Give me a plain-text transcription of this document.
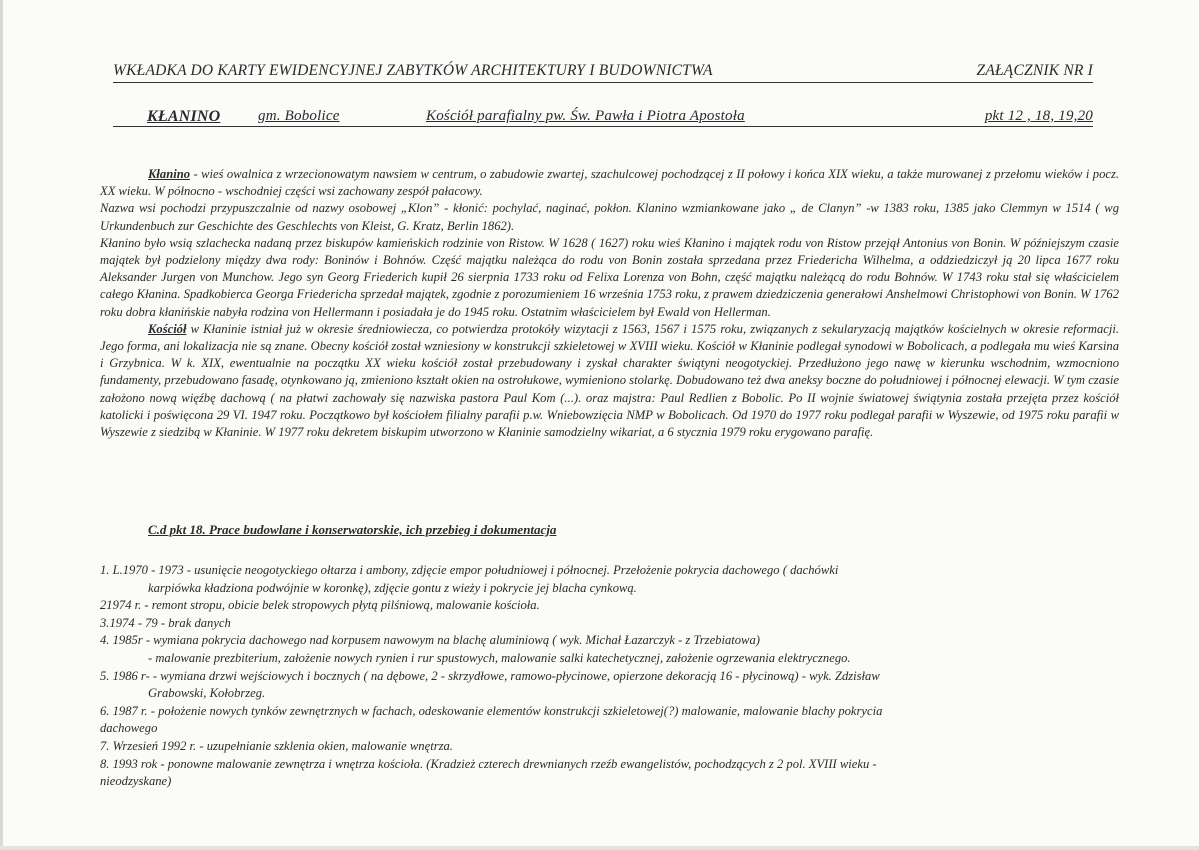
WKŁADKA DO KARTY EWIDENCYJNEJ ZABYTKÓW ARCHITEKTURY I BUDOWNICTWA	ZAŁĄCZNIK NR I
KŁANINO	gm. Bobolice	Kościół parafialny pw. Św. Pawła i Piotra Apostoła	pkt 12 , 18, 19,20

Kłanino - wieś owalnica z wrzecionowatym nawsiem w centrum, o zabudowie zwartej, szachulcowej pochodzącej z II połowy i końca XIX wieku, a także murowanej z przełomu wieków i pocz. XX wieku. W północno - wschodniej części wsi zachowany zespół pałacowy.

Nazwa wsi pochodzi przypuszczalnie od nazwy osobowej „Klon” - kłonić: pochylać, naginać, pokłon. Klanino wzmiankowane jako „ de Clanyn” -w 1383 roku, 1385 jako Clemmyn w 1514 ( wg Urkundenbuch zur Geschichte des Geschlechts von Kleist, G. Kratz, Berlin 1862).

Kłanino było wsią szlachecka nadaną przez biskupów kamieńskich rodzinie von Ristow. W 1628 ( 1627) roku wieś Kłanino i majątek rodu von Ristow przejął Antonius von Bonin. W późniejszym czasie majątek był podzielony między dwa rody: Boninów i Bohnów. Część majątku należąca do rodu von Bonin została sprzedana przez Friedericha Wilhelma, a oddziedziczył ją 20 lipca 1677 roku Aleksander Jurgen von Munchow. Jego syn Georg Friederich kupił 26 sierpnia 1733 roku od Felixa Lorenza von Bohn, część majątku należącą do rodu Bohnów. W 1743 roku stał się właścicielem całego Kłanina. Spadkobierca Georga Friedericha sprzedał majątek, zgodnie z porozumieniem 16 września 1753 roku, z prawem dziedziczenia generałowi Anshelmowi Christophowi von Bonin. W 1762 roku dobra kłanińskie nabyła rodzina von Hellermann i posiadała je do 1945 roku. Ostatnim właścicielem był Ewald von Hellerman.

Kościół w Kłaninie istniał już w okresie średniowiecza, co potwierdza protokóły wizytacji z 1563, 1567 i 1575 roku, związanych z sekularyzacją majątków kościelnych w okresie reformacji. Jego forma, ani lokalizacja nie są znane. Obecny kościół został wzniesiony w konstrukcji szkieletowej w XVIII wieku. Kościół w Kłaninie podlegał synodowi w Bobolicach, a podlegała mu wieś Karsina i Grzybnica. W k. XIX, ewentualnie na początku XX wieku kościół został przebudowany i zyskał charakter świątyni neogotyckiej. Przedłużono jego nawę w kierunku wschodnim, wzmocniono fundamenty, przebudowano fasadę, otynkowano ją, zmieniono kształt okien na ostrołukowe, wymieniono stolarkę. Dobudowano też dwa aneksy boczne do południowej i północnej elewacji. W tym czasie założono nową więźbę dachową ( na płatwi zachowały się nazwiska pastora Paul Kom (...). oraz majstra: Paul Redlien z Bobolic. Po II wojnie światowej świątynia została przejęta przez kościół katolicki i poświęcona 29 VI. 1947 roku. Początkowo był kościołem filialny parafii p.w. Wniebowzięcia NMP w Bobolicach. Od 1970 do 1977 roku podlegał parafii w Wyszewie, od 1975 roku parafii w Wyszewie z siedzibą w Kłaninie. W 1977 roku dekretem biskupim utworzono w Kłaninie samodzielny wikariat, a 6 stycznia 1979 roku erygowano parafię.

C.d pkt 18. Prace budowlane i konserwatorskie, ich przebieg i dokumentacja

1. L.1970 - 1973 - usunięcie neogotyckiego ołtarza i ambony, zdjęcie empor południowej i północnej. Przełożenie pokrycia dachowego ( dachówki

karpiówka kładziona podwójnie w koronkę), zdjęcie gontu z wieży i pokrycie jej blacha cynkową.

21974 r. - remont stropu, obicie belek stropowych płytą pilśniową, malowanie kościoła.

3.1974 - 79 - brak danych

4. 1985r - wymiana pokrycia dachowego nad korpusem nawowym na blachę aluminiową ( wyk. Michał Łazarczyk - z Trzebiatowa)

- malowanie prezbiterium, założenie nowych rynien i rur spustowych, malowanie salki katechetycznej, założenie ogrzewania elektrycznego.

5. 1986 r- - wymiana drzwi wejściowych i bocznych ( na dębowe, 2 - skrzydłowe, ramowo-płycinowe, opierzone dekoracją 16 - płycinową) - wyk. Zdzisław

Grabowski, Kołobrzeg.

6. 1987 r. - położenie nowych tynków zewnętrznych w fachach, odeskowanie elementów konstrukcji szkieletowej(?) malowanie, malowanie blachy pokrycia

dachowego

7. Wrzesień 1992 r. - uzupełnianie szklenia okien, malowanie wnętrza.

8. 1993 rok - ponowne malowanie zewnętrza i wnętrza kościoła. (Kradzież czterech drewnianych rzeźb ewangelistów, pochodzących z 2 pol. XVIII wieku -

nieodzyskane)
